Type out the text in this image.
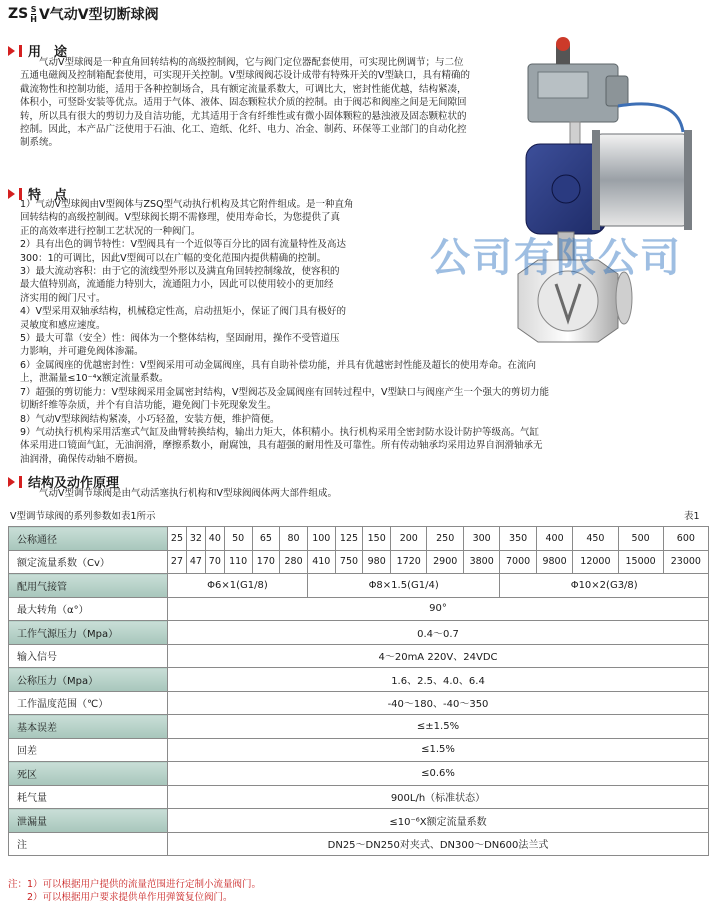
ZS $\frac{S}{H}$ V气动V型切断球阀
用　途

气动V型球阀是一种直角回转结构的高级控制阀，它与阀门定位器配套使用，可实现比例调节；与二位五通电磁阀及控制箱配套使用，可实现开关控制。V型球阀阀芯设计成带有特殊开关的V型缺口，具有精确的截流物性和控制功能，适用于各种控制场合，具有额定流量系数大，可调比大，密封性能优越，结构紧凑，体积小，可竖卧安装等优点。适用于气体、液体、固态颗粒状介质的控制。由于阀芯和阀座之间是无间隙回转，所以具有很大的剪切力及自洁功能，尤其适用于含有纤维性或有微小固体颗粒的悬浊液及固态颗粒状的控制。因此，本产品广泛使用于石油、化工、造纸、化纤、电力、冶金、制药、环保等工业部门的自动化控制系统。

公司有限公司
特　点
1）气动V型球阀由V型阀体与ZSQ型气动执行机构及其它附件组成。是一种直角
回转结构的高级控制阀。V型球阀长期不需修理，使用寿命长，为您提供了真
正的高效率进行控制工艺状况的一种阀门。
2）具有出色的调节特性：V型阀具有一个近似等百分比的固有流量特性及高达
300：1的可调比，因此V型阀可以在广幅的变化范围内提供精确的控制。
3）最大流动容积：由于它的流线型外形以及满直角回转控制缘故，使容积的
最大值特别高，流通能力特别大，流通阻力小，因此可以使用较小的更加经
济实用的阀门尺寸。
4）V型采用双轴承结构，机械稳定性高，启动扭矩小，保证了阀门具有极好的
灵敏度和感应速度。
5）最大可靠（安全）性：阀体为一个整体结构，坚固耐用，操作不受管道压
力影响，并可避免阀体渗漏。
6）金属阀座的优越密封性：V型阀采用可动金属阀座，具有自助补偿功能，并具有优越密封性能及超长的使用寿命。在流向
上，泄漏量≤10⁻⁴x额定流量系数。
7）超强的剪切能力：V型球阀采用金属密封结构，V型阀芯及金属阀座有回转过程中，V型缺口与阀座产生一个强大的剪切力能
切断纤维等杂质，并个有自洁功能，避免阀门卡死现象发生。
8）气动V型球阀结构紧凑，小巧轻盈，安装方便，维护简便。
9）气动执行机构采用活塞式气缸及曲臂转换结构，输出力矩大，体积精小。执行机构采用全密封防水设计防护等级高。气缸
体采用进口镜面气缸，无油润滑，摩擦系数小，耐腐蚀，具有超强的耐用性及可靠性。所有传动轴承均采用边界自润滑轴承无
油润滑，确保传动轴不磨损。
结构及动作原理

气动V型调节球阀是由气动活塞执行机构和V型球阀阀体两大部件组成。

V型调节球阀的系列参数如表1所示	表1
公称通径	25	32	40	50	65	80	100	125	150	200	250	300	350	400	450	500	600
额定流量系数（Cv）	27	47	70	110	170	280	410	750	980	1720	2900	3800	7000	9800	12000	15000	23000
配用气接管	Φ6×1(G1/8)						Φ8×1.5(G1/4)						Φ10×2(G3/8)				
最大转角（α°）	90°																
工作气源压力（Mpa）	0.4～0.7																
输入信号	4～20mA 220V、24VDC																
公称压力（Mpa）	1.6、2.5、4.0、6.4																
工作温度范围（℃）	-40～180、-40～350																
基本误差	≤±1.5%																
回差	≤1.5%																
死区	≤0.6%																
耗气量	900L/h（标准状态）																
泄漏量	≤10⁻⁶X额定流量系数																
注	DN25～DN250对夹式、DN300～DN600法兰式																
注：1）可以根据用户提供的流量范围进行定制小流量阀门。
　　2）可以根据用户要求提供单作用弹簧复位阀门。
